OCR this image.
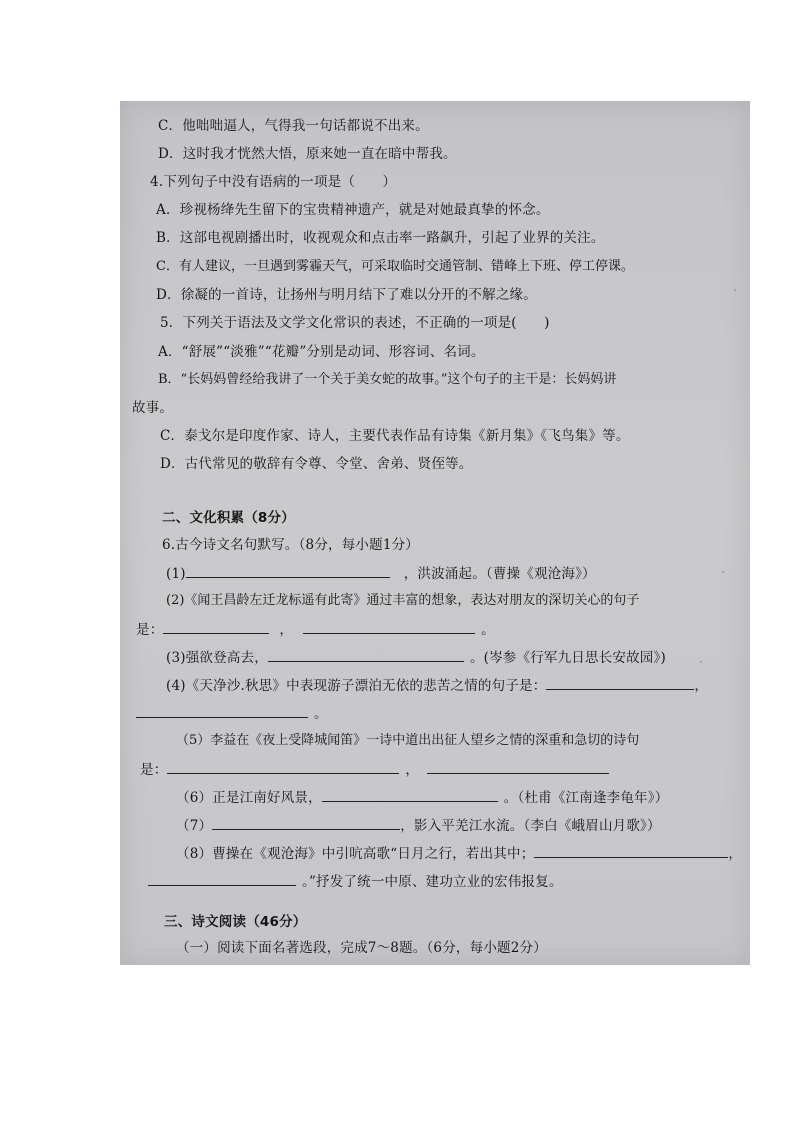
C．他咄咄逼人，气得我一句话都说不出来。
D．这时我才恍然大悟，原来她一直在暗中帮我。
4.下列句子中没有语病的一项是（　　）
A．珍视杨绛先生留下的宝贵精神遗产，就是对她最真挚的怀念。
B．这部电视剧播出时，收视观众和点击率一路飙升，引起了业界的关注。
C．有人建议，一旦遇到雾霾天气，可采取临时交通管制、错峰上下班、停工停课。
D．徐凝的一首诗，让扬州与明月结下了难以分开的不解之缘。
5．下列关于语法及文学文化常识的表述，不正确的一项是(　　)
A．“舒展”“淡雅”“花瓣”分别是动词、形容词、名词。
B．“长妈妈曾经给我讲了一个关于美女蛇的故事。”这个句子的主干是：长妈妈讲
故事。
C．泰戈尔是印度作家、诗人，主要代表作品有诗集《新月集》《飞鸟集》等。
D．古代常见的敬辞有令尊、令堂、舍弟、贤侄等。
二、文化积累（8分）
6.古今诗文名句默写。（8分，每小题1分）
(1)	，洪波涌起。（曹操《观沧海》）
(2)《闻王昌龄左迁龙标遥有此寄》通过丰富的想象，表达对朋友的深切关心的句子
是：	，	。
(3)强欲登高去，	。(岑参《行军九日思长安故园》)
(4)《天净沙.秋思》中表现游子漂泊无依的悲苦之情的句子是：	，
。
（5）李益在《夜上受降城闻笛》一诗中道出出征人望乡之情的深重和急切的诗句
是：	，
（6）正是江南好风景，	。（杜甫《江南逢李龟年》）
（7）	，影入平羌江水流。（李白《峨眉山月歌》）
（8）曹操在《观沧海》中引吭高歌“日月之行，若出其中；	，
。”抒发了统一中原、建功立业的宏伟报复。
三、诗文阅读（46分）
（一）阅读下面名著选段，完成7～8题。（6分，每小题2分）
